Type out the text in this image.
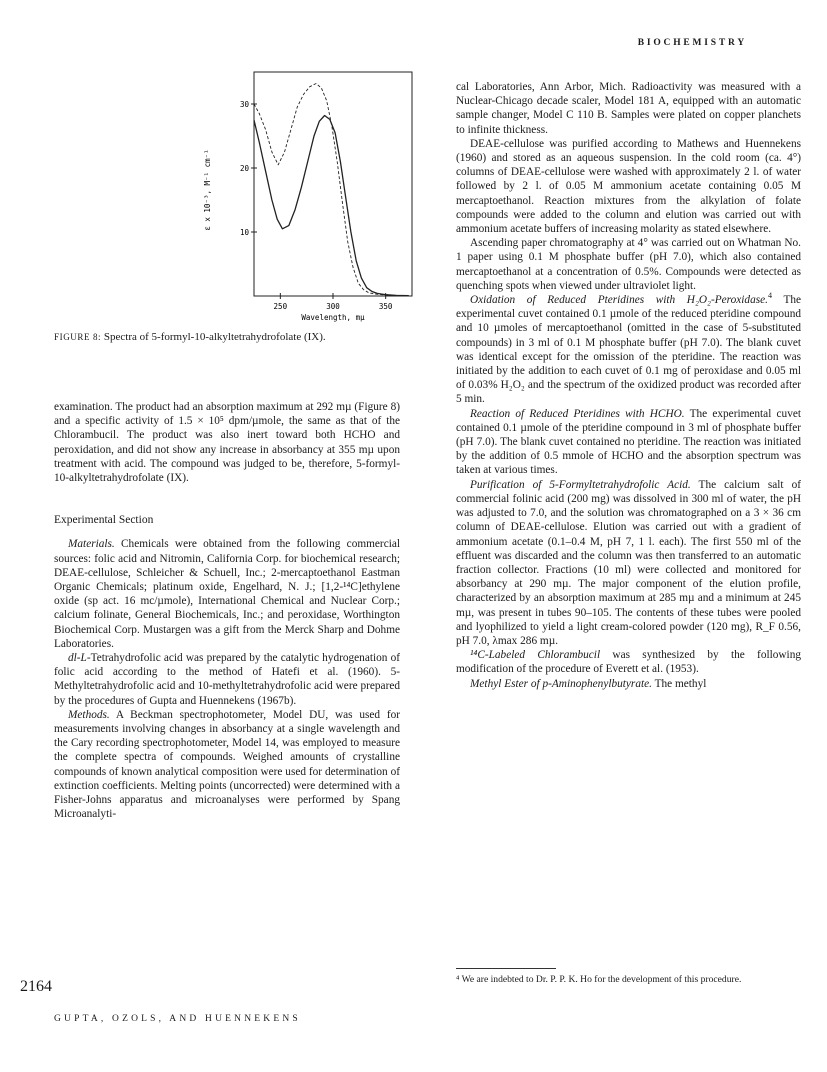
BIOCHEMISTRY
10
20
30
250	300	350
Wavelength, mµ
ε x 10⁻³, M⁻¹ cm⁻¹
FIGURE 8: Spectra of 5-formyl-10-alkyltetrahydrofolate (IX).

examination. The product had an absorption maximum at 292 mµ (Figure 8) and a specific activity of 1.5 × 10⁵ dpm/µmole, the same as that of the Chlorambucil. The product was also inert toward both HCHO and peroxidation, and did not show any increase in absorbancy at 355 mµ upon treatment with acid. The compound was judged to be, therefore, 5-formyl-10-alkyltetrahydrofolate (IX).

Experimental Section

Materials. Chemicals were obtained from the following commercial sources: folic acid and Nitromin, California Corp. for biochemical research; DEAE-cellulose, Schleicher & Schuell, Inc.; 2-mercaptoethanol Eastman Organic Chemicals; platinum oxide, Engelhard, N. J.; [1,2-¹⁴C]ethylene oxide (sp act. 16 mc/µmole), International Chemical and Nuclear Corp.; calcium folinate, General Biochemicals, Inc.; and peroxidase, Worthington Biochemical Corp. Mustargen was a gift from the Merck Sharp and Dohme Laboratories.

dl-L-Tetrahydrofolic acid was prepared by the catalytic hydrogenation of folic acid according to the method of Hatefi et al. (1960). 5-Methyltetrahydrofolic acid and 10-methyltetrahydrofolic acid were prepared by the procedures of Gupta and Huennekens (1967b).

Methods. A Beckman spectrophotometer, Model DU, was used for measurements involving changes in absorbancy at a single wavelength and the Cary recording spectrophotometer, Model 14, was employed to measure the complete spectra of compounds. Weighed amounts of crystalline compounds of known analytical composition were used for determination of extinction coefficients. Melting points (uncorrected) were determined with a Fisher-Johns apparatus and microanalyses were performed by Spang Microanalyti-

cal Laboratories, Ann Arbor, Mich. Radioactivity was measured with a Nuclear-Chicago decade scaler, Model 181 A, equipped with an automatic sample changer, Model C 110 B. Samples were plated on copper planchets to infinite thickness.

DEAE-cellulose was purified according to Mathews and Huennekens (1960) and stored as an aqueous suspension. In the cold room (ca. 4°) columns of DEAE-cellulose were washed with approximately 2 l. of water followed by 2 l. of 0.05 M ammonium acetate containing 0.05 M mercaptoethanol. Reaction mixtures from the alkylation of folate compounds were added to the column and elution was carried out with ammonium acetate buffers of increasing molarity as stated elsewhere.

Ascending paper chromatography at 4° was carried out on Whatman No. 1 paper using 0.1 M phosphate buffer (pH 7.0), which also contained mercaptoethanol at a concentration of 0.5%. Compounds were detected as quenching spots when viewed under ultraviolet light.

Oxidation of Reduced Pteridines with H₂O₂-Peroxidase.$^4$ The experimental cuvet contained 0.1 µmole of the reduced pteridine compound and 10 µmoles of mercaptoethanol (omitted in the case of 5-substituted compounds) in 3 ml of 0.1 M phosphate buffer (pH 7.0). The blank cuvet was identical except for the omission of the pteridine. The reaction was initiated by the addition to each cuvet of 0.1 mg of peroxidase and 0.05 ml of 0.03% H₂O₂ and the spectrum of the oxidized product was recorded after 5 min.

Reaction of Reduced Pteridines with HCHO. The experimental cuvet contained 0.1 µmole of the pteridine compound in 3 ml of phosphate buffer (pH 7.0). The blank cuvet contained no pteridine. The reaction was initiated by the addition of 0.5 mmole of HCHO and the absorption spectrum was taken at various times.

Purification of 5-Formyltetrahydrofolic Acid. The calcium salt of commercial folinic acid (200 mg) was dissolved in 300 ml of water, the pH was adjusted to 7.0, and the solution was chromatographed on a 3 × 36 cm column of DEAE-cellulose. Elution was carried out with a gradient of ammonium acetate (0.1–0.4 M, pH 7, 1 l. each). The first 550 ml of the effluent was discarded and the column was then transferred to an automatic fraction collector. Fractions (10 ml) were collected and monitored for absorbancy at 290 mµ. The major component of the elution profile, characterized by an absorption maximum at 285 mµ and a minimum at 245 mµ, was present in tubes 90–105. The contents of these tubes were pooled and lyophilized to yield a light cream-colored powder (120 mg), R_F 0.56, pH 7.0, λmax 286 mµ.

¹⁴C-Labeled Chlorambucil was synthesized by the following modification of the procedure of Everett et al. (1953).

Methyl Ester of p-Aminophenylbutyrate. The methyl

⁴ We are indebted to Dr. P. P. K. Ho for the development of this procedure.
2164
GUPTA, OZOLS, AND HUENNEKENS
